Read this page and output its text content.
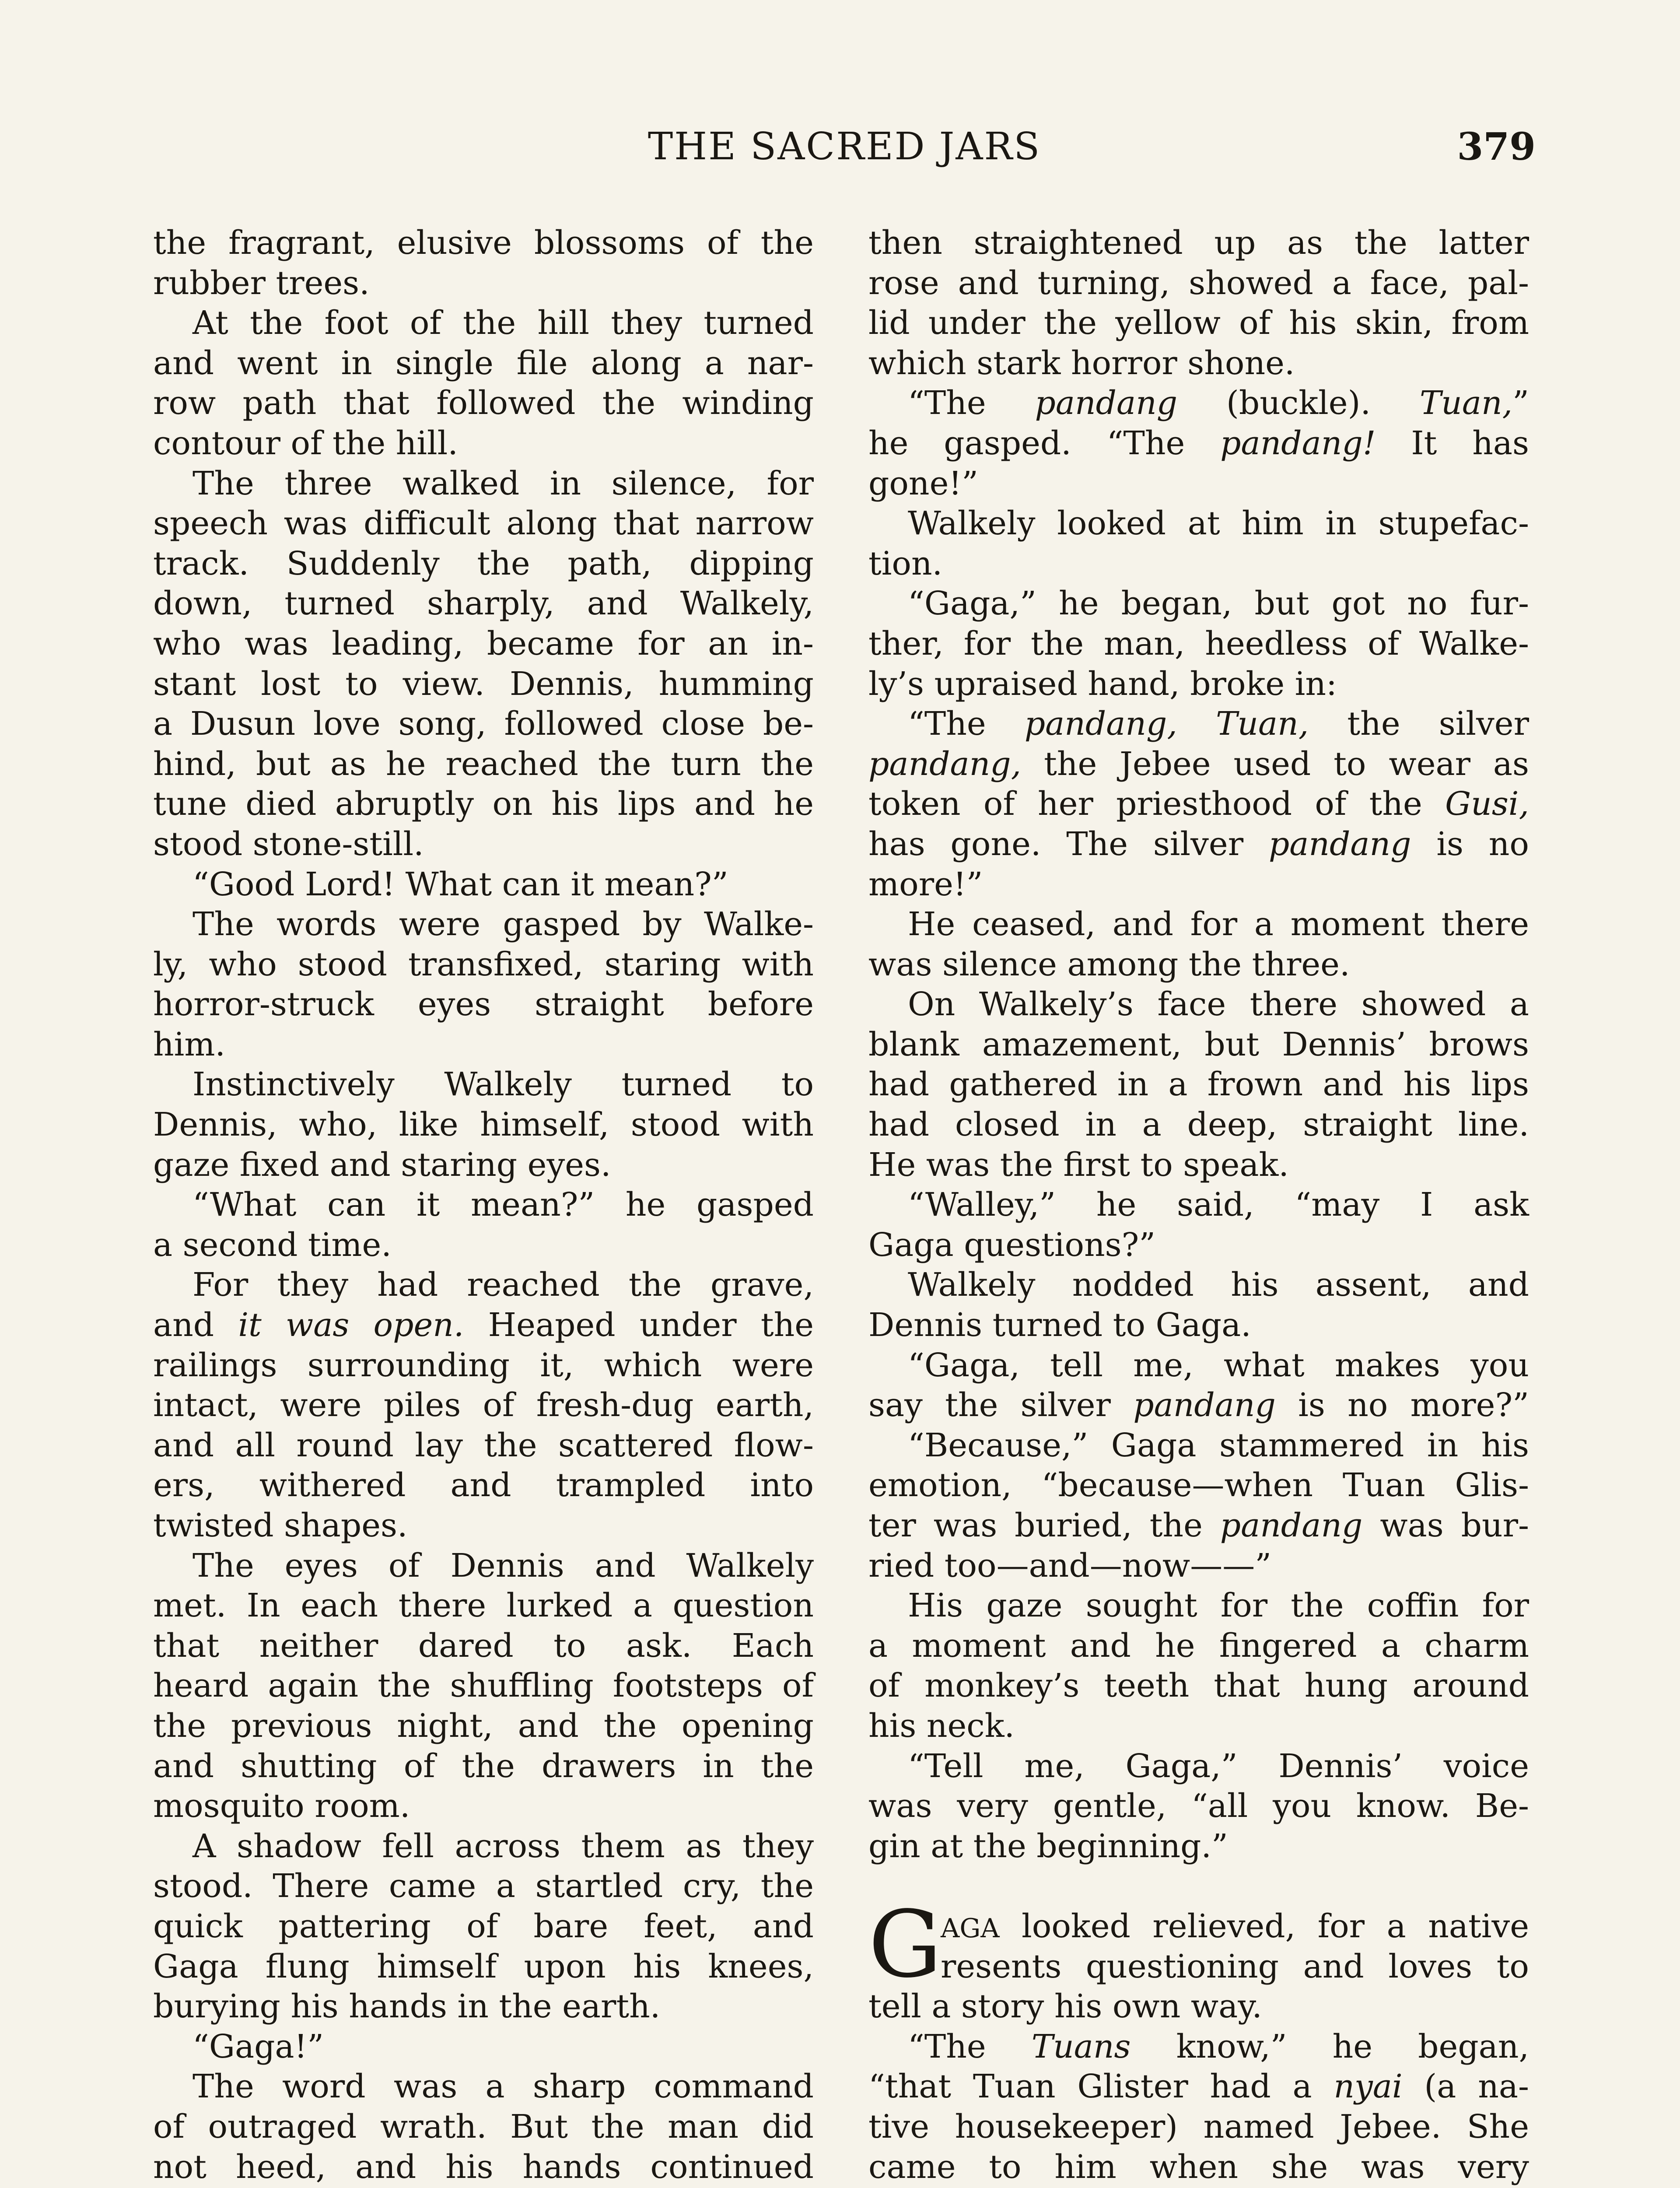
THE SACRED JARS	379
the fragrant, elusive blossoms of the
rubber trees.
At the foot of the hill they turned
and went in single file along a nar-
row path that followed the winding
contour of the hill.
The three walked in silence, for
speech was difficult along that narrow
track. Suddenly the path, dipping
down, turned sharply, and Walkely,
who was leading, became for an in-
stant lost to view. Dennis, humming
a Dusun love song, followed close be-
hind, but as he reached the turn the
tune died abruptly on his lips and he
stood stone-still.
“Good Lord! What can it mean?”
The words were gasped by Walke-
ly, who stood transfixed, staring with
horror-struck eyes straight before
him.
Instinctively Walkely turned to
Dennis, who, like himself, stood with
gaze fixed and staring eyes.
“What can it mean?” he gasped
a second time.
For they had reached the grave,
and it was open. Heaped under the
railings surrounding it, which were
intact, were piles of fresh-dug earth,
and all round lay the scattered flow-
ers, withered and trampled into
twisted shapes.
The eyes of Dennis and Walkely
met. In each there lurked a question
that neither dared to ask. Each
heard again the shuffling footsteps of
the previous night, and the opening
and shutting of the drawers in the
mosquito room.
A shadow fell across them as they
stood. There came a startled cry, the
quick pattering of bare feet, and
Gaga flung himself upon his knees,
burying his hands in the earth.
“Gaga!”
The word was a sharp command
of outraged wrath. But the man did
not heed, and his hands continued
then straightened up as the latter
rose and turning, showed a face, pal-
lid under the yellow of his skin, from
which stark horror shone.
“The pandang (buckle). Tuan,”
he gasped. “The pandang! It has
gone!”
Walkely looked at him in stupefac-
tion.
“Gaga,” he began, but got no fur-
ther, for the man, heedless of Walke-
ly’s upraised hand, broke in:
“The pandang, Tuan, the silver
pandang, the Jebee used to wear as
token of her priesthood of the Gusi,
has gone. The silver pandang is no
more!”
He ceased, and for a moment there
was silence among the three.
On Walkely’s face there showed a
blank amazement, but Dennis’ brows
had gathered in a frown and his lips
had closed in a deep, straight line.
He was the first to speak.
“Walley,” he said, “may I ask
Gaga questions?”
Walkely nodded his assent, and
Dennis turned to Gaga.
“Gaga, tell me, what makes you
say the silver pandang is no more?”
“Because,” Gaga stammered in his
emotion, “because—when Tuan Glis-
ter was buried, the pandang was bur-
ried too—and—now——”
His gaze sought for the coffin for
a moment and he fingered a charm
of monkey’s teeth that hung around
his neck.
“Tell me, Gaga,” Dennis’ voice
was very gentle, “all you know. Be-
gin at the beginning.”
G
AGA looked relieved, for a native
resents questioning and loves to
tell a story his own way.
“The Tuans know,” he began,
“that Tuan Glister had a nyai (a na-
tive housekeeper) named Jebee. She
came to him when she was very
